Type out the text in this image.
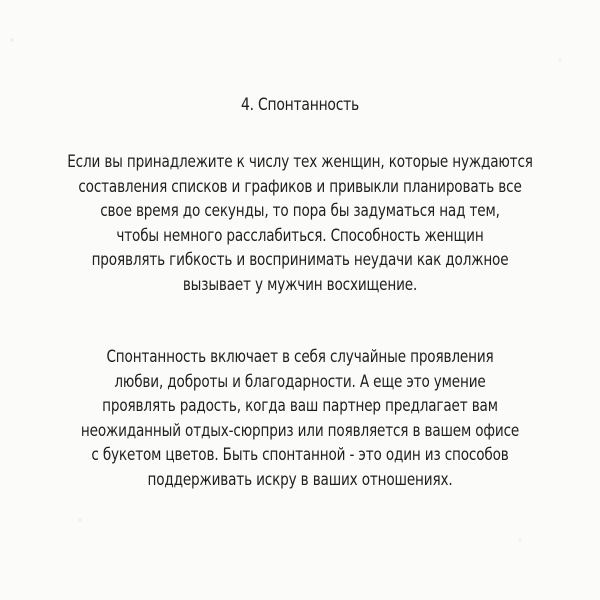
4. Спонтанность
Если вы принадлежите к числу тех женщин, которые нуждаются
составления списков и графиков и привыкли планировать все
свое время до секунды, то пора бы задуматься над тем,
чтобы немного расслабиться. Способность женщин
проявлять гибкость и воспринимать неудачи как должное
вызывает у мужчин восхищение.
Спонтанность включает в себя случайные проявления
любви, доброты и благодарности. А еще это умение
проявлять радость, когда ваш партнер предлагает вам
неожиданный отдых-сюрприз или появляется в вашем офисе
с букетом цветов. Быть спонтанной - это один из способов
поддерживать искру в ваших отношениях.
